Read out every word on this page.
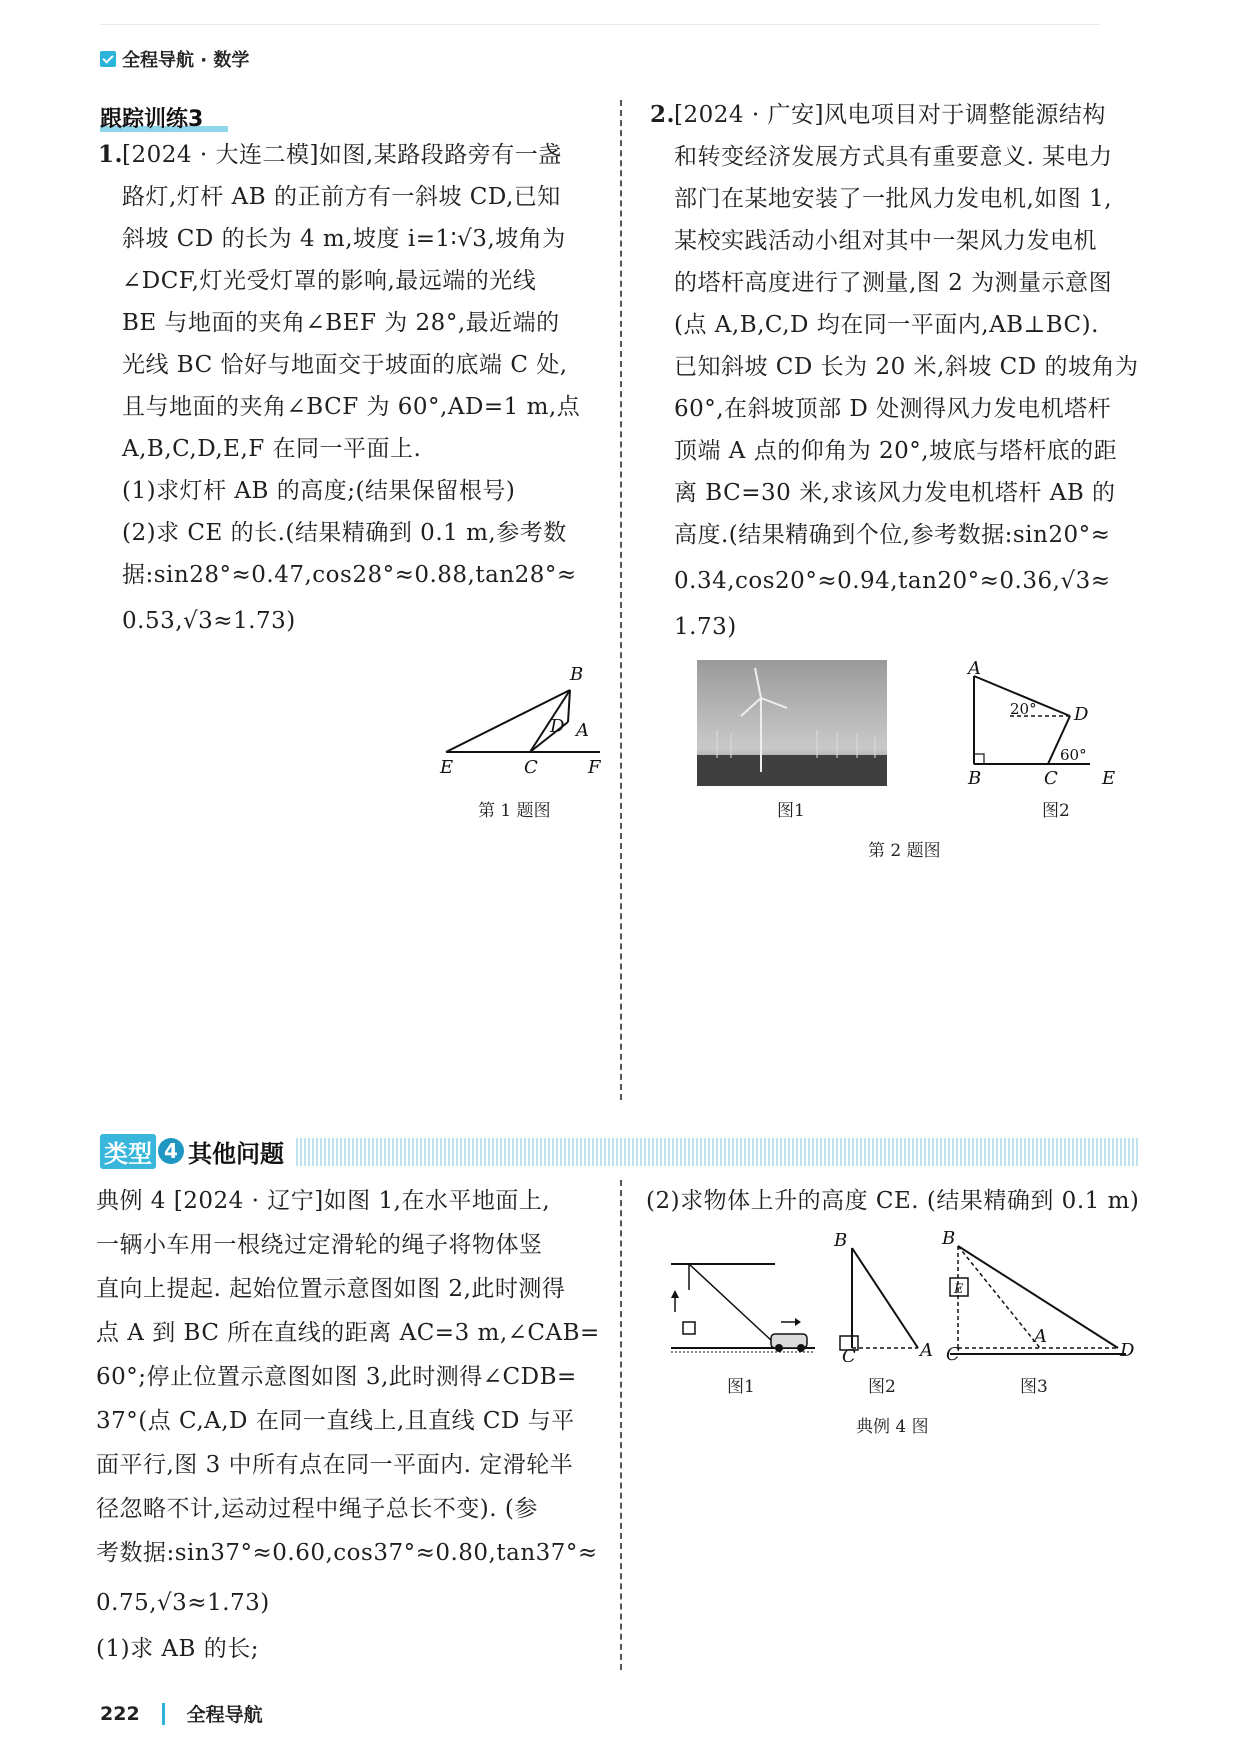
全程导航 · 数学
跟踪训练3
1.
[2024 · 大连二模]如图,某路段路旁有一盏
路灯,灯杆 AB 的正前方有一斜坡 CD,已知
斜坡 CD 的长为 4 m,坡度 i=1∶√3,坡角为
∠DCF,灯光受灯罩的影响,最远端的光线
BE 与地面的夹角∠BEF 为 28°,最近端的
光线 BC 恰好与地面交于坡面的底端 C 处,
且与地面的夹角∠BCF 为 60°,AD=1 m,点
A,B,C,D,E,F 在同一平面上.
(1)求灯杆 AB 的高度;(结果保留根号)
(2)求 CE 的长.(结果精确到 0.1 m,参考数
据:sin28°≈0.47,cos28°≈0.88,tan28°≈
0.53,√3≈1.73)
B
D A
E	C	F
第 1 题图
2.
[2024 · 广安]风电项目对于调整能源结构
和转变经济发展方式具有重要意义. 某电力
部门在某地安装了一批风力发电机,如图 1,
某校实践活动小组对其中一架风力发电机
的塔杆高度进行了测量,图 2 为测量示意图
(点 A,B,C,D 均在同一平面内,AB⊥BC).
已知斜坡 CD 长为 20 米,斜坡 CD 的坡角为
60°,在斜坡顶部 D 处测得风力发电机塔杆
顶端 A 点的仰角为 20°,坡底与塔杆底的距
离 BC=30 米,求该风力发电机塔杆 AB 的
高度.(结果精确到个位,参考数据:sin20°≈
0.34,cos20°≈0.94,tan20°≈0.36,√3≈
1.73)
图1
A
D
B	C E
20°
60°
图2
第 2 题图
类型 4 其他问题
典例 4 [2024 · 辽宁]如图 1,在水平地面上,
一辆小车用一根绕过定滑轮的绳子将物体竖
直向上提起. 起始位置示意图如图 2,此时测得
点 A 到 BC 所在直线的距离 AC=3 m,∠CAB=
60°;停止位置示意图如图 3,此时测得∠CDB=
37°(点 C,A,D 在同一直线上,且直线 CD 与平
面平行,图 3 中所有点在同一平面内. 定滑轮半
径忽略不计,运动过程中绳子总长不变). (参
考数据:sin37°≈0.60,cos37°≈0.80,tan37°≈
0.75,√3≈1.73)
(1)求 AB 的长;
(2)求物体上升的高度 CE. (结果精确到 0.1 m)
图1
B
C	A
图2
E
B
C
A
D
图3
典例 4 图
222 全程导航
